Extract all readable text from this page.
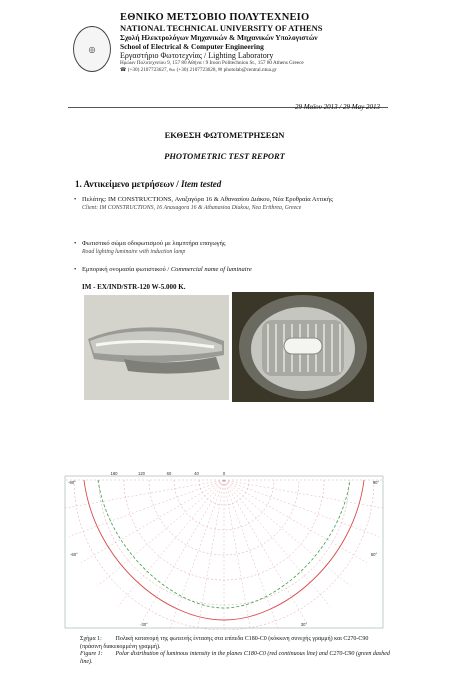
◎
ΕΘΝΙΚΟ ΜΕΤΣΟΒΙΟ ΠΟΛΥΤΕΧΝΕΙΟ
NATIONAL TECHNICAL UNIVERSITY OF ATHENS
Σχολή Ηλεκτρολόγων Μηχανικών & Μηχανικών Υπολογιστών
School of Electrical & Computer Engineering
Εργαστήριο Φωτοτεχνίας / Lighting Laboratory
Ηρώων Πολυτεχνείου 9, 157 80 Αθήνα / 9 Iroon Politechniou St., 157 80 Athens Greece
☎ (+30) 2107723627, ℻ (+30) 2107723628, ✉ photolab@central.ntua.gr
29 Μαΐου 2013 / 29 May 2013
ΕΚΘΕΣΗ ΦΩΤΟΜΕΤΡΗΣΕΩΝ
PHOTOMETRIC TEST REPORT
1. Αντικείμενο μετρήσεων / Item tested
• Πελάτης: IM CONSTRUCTIONS, Αναξαγόρα 16 & Αθανασίου Διάκου, Νέα Ερυθραία Αττικής
Client: IM CONSTRUCTIONS, 16 Anaxagora 16 & Athanasiou Diakou, Nea Erithrea, Greece
• Φωτιστικό σώμα οδοφωτισμού με λαμπτήρα επαγωγής
Road lighting luminaire with induction lamp
• Εμπορική ονομασία φωτιστικού / Commercial name of luminaire
IM - EX/IND/STR-120 W-5.000 K.
180	120	60	40	0
-90°	90°
-60°	60°
-30°	30°
Σχήμα 1: Πολική κατανομή της φωτεινής έντασης στα επίπεδα C180-C0 (κόκκινη συνεχής γραμμή) και C270-C90 (πράσινη διακεκομμένη γραμμή).
Figure 1: Polar distribution of luminous intensity in the planes C180-C0 (red continuous line) and C270-C90 (green dashed line).
